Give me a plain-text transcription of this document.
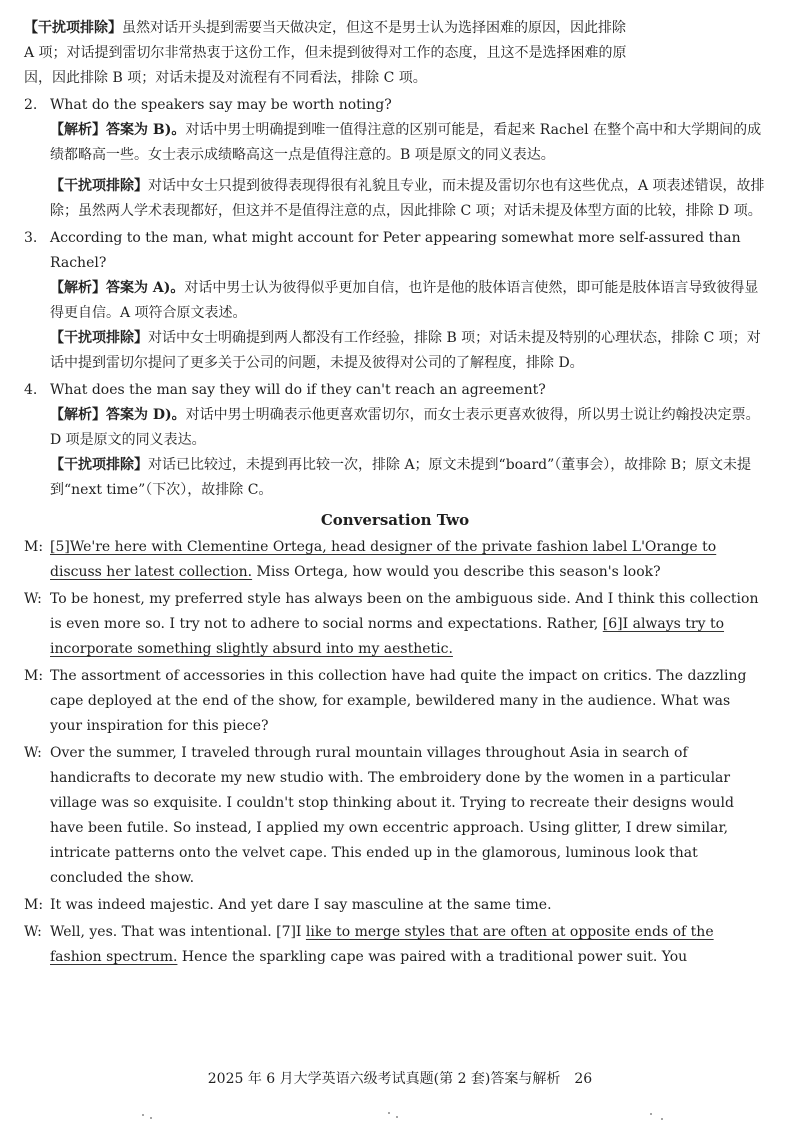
【干扰项排除】虽然对话开头提到需要当天做决定，但这不是男士认为选择困难的原因，因此排除
A 项；对话提到雷切尔非常热衷于这份工作，但未提到彼得对工作的态度，且这不是选择困难的原
因，因此排除 B 项；对话未提及对流程有不同看法，排除 C 项。

2. What do the speakers say may be worth noting?

【解析】答案为 B)。对话中男士明确提到唯一值得注意的区别可能是，看起来 Rachel 在整个高中和大学期间的成绩都略高一些。女士表示成绩略高这一点是值得注意的。B 项是原文的同义表达。

【干扰项排除】对话中女士只提到彼得表现得很有礼貌且专业，而未提及雷切尔也有这些优点，A 项表述错误，故排除；虽然两人学术表现都好，但这并不是值得注意的点，因此排除 C 项；对话未提及体型方面的比较，排除 D 项。

3. According to the man, what might account for Peter appearing somewhat more self-assured than Rachel?

【解析】答案为 A)。对话中男士认为彼得似乎更加自信，也许是他的肢体语言使然，即可能是肢体语言导致彼得显得更自信。A 项符合原文表述。

【干扰项排除】对话中女士明确提到两人都没有工作经验，排除 B 项；对话未提及特别的心理状态，排除 C 项；对话中提到雷切尔提问了更多关于公司的问题，未提及彼得对公司的了解程度，排除 D。

4. What does the man say they will do if they can't reach an agreement?

【解析】答案为 D)。对话中男士明确表示他更喜欢雷切尔，而女士表示更喜欢彼得，所以男士说让约翰投决定票。D 项是原文的同义表达。

【干扰项排除】对话已比较过，未提到再比较一次，排除 A；原文未提到“board”（董事会），故排除 B；原文未提到“next time”（下次），故排除 C。

Conversation Two

M: [5]We're here with Clementine Ortega, head designer of the private fashion label L'Orange to discuss her latest collection. Miss Ortega, how would you describe this season's look?

W: To be honest, my preferred style has always been on the ambiguous side. And I think this collection is even more so. I try not to adhere to social norms and expectations. Rather, [6]I always try to incorporate something slightly absurd into my aesthetic.

M: The assortment of accessories in this collection have had quite the impact on critics. The dazzling cape deployed at the end of the show, for example, bewildered many in the audience. What was your inspiration for this piece?

W: Over the summer, I traveled through rural mountain villages throughout Asia in search of handicrafts to decorate my new studio with. The embroidery done by the women in a particular village was so exquisite. I couldn't stop thinking about it. Trying to recreate their designs would have been futile. So instead, I applied my own eccentric approach. Using glitter, I drew similar, intricate patterns onto the velvet cape. This ended up in the glamorous, luminous look that concluded the show.

M: It was indeed majestic. And yet dare I say masculine at the same time.

W: Well, yes. That was intentional. [7]I like to merge styles that are often at opposite ends of the fashion spectrum. Hence the sparkling cape was paired with a traditional power suit. You

2025 年 6 月大学英语六级考试真题(第 2 套)答案与解析 26
